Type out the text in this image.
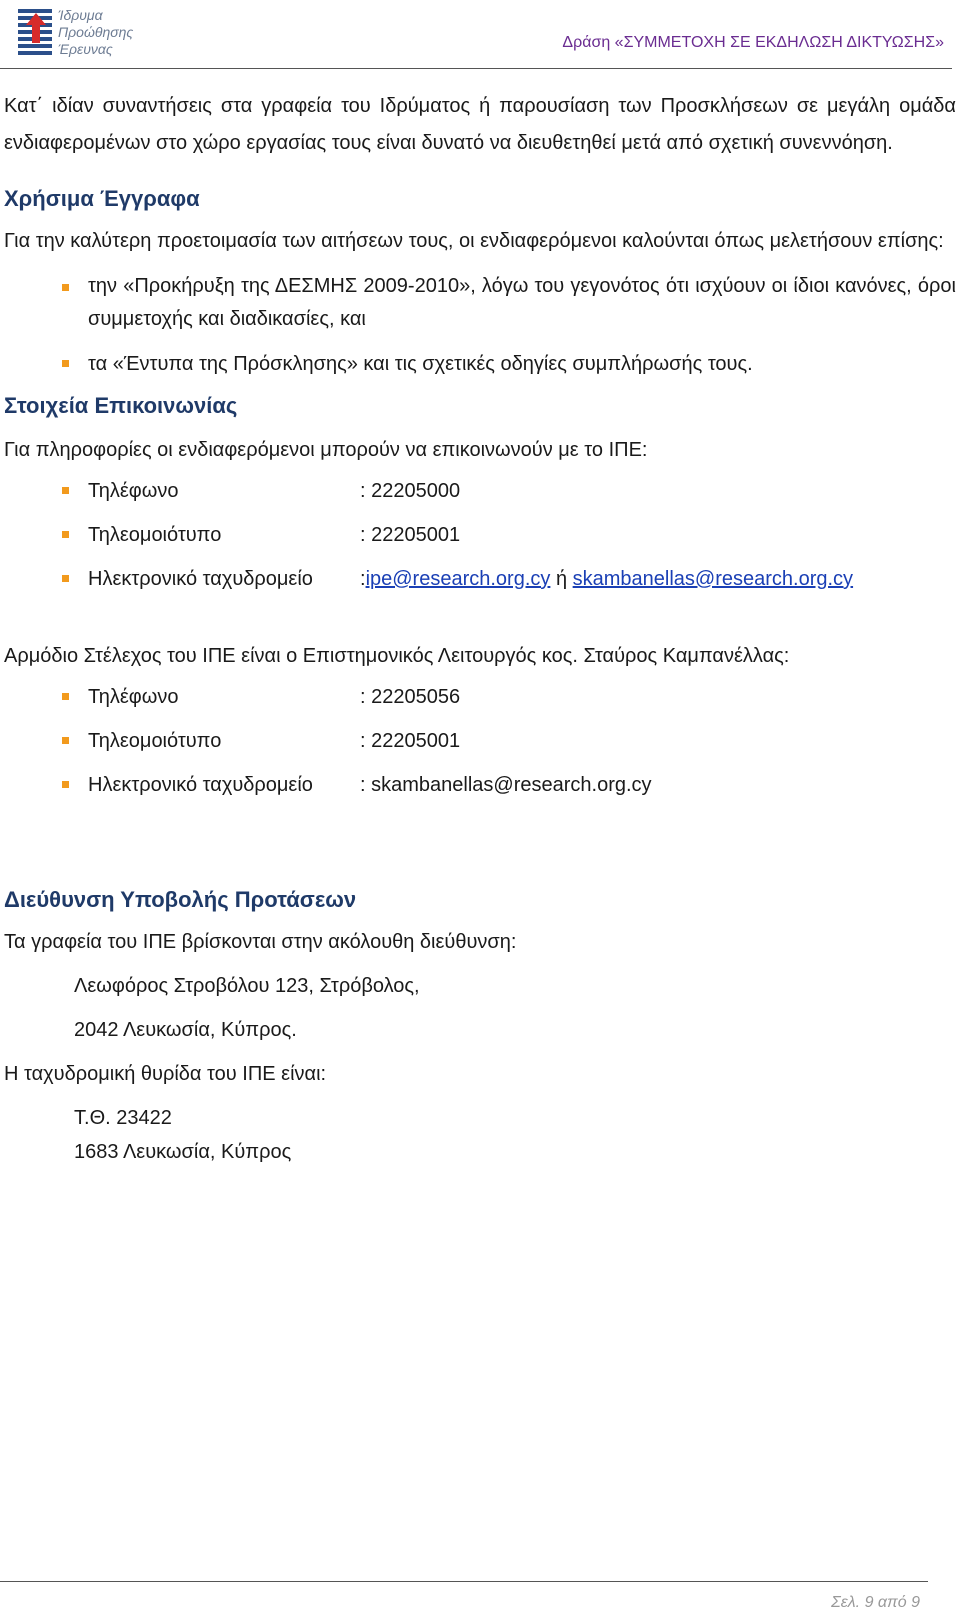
Ίδρυμα
Προώθησης
Έρευνας	Δράση «ΣΥΜΜΕΤΟΧΗ ΣΕ ΕΚΔΗΛΩΣΗ ΔΙΚΤΥΩΣΗΣ»

Κατ΄ ιδίαν συναντήσεις στα γραφεία του Ιδρύματος ή παρουσίαση των Προσκλήσεων σε μεγάλη ομάδα ενδιαφερομένων στο χώρο εργασίας τους είναι δυνατό να διευθετηθεί μετά από σχετική συνεννόηση.

Χρήσιμα Έγγραφα

Για την καλύτερη προετοιμασία των αιτήσεων τους, οι ενδιαφερόμενοι καλούνται όπως μελετήσουν επίσης:

την «Προκήρυξη της ΔΕΣΜΗΣ 2009-2010», λόγω του γεγονότος ότι ισχύουν οι ίδιοι κανόνες, όροι συμμετοχής και διαδικασίες, και
τα «Έντυπα της Πρόσκλησης» και τις σχετικές οδηγίες συμπλήρωσής τους.
Στοιχεία Επικοινωνίας

Για πληροφορίες οι ενδιαφερόμενοι μπορούν να επικοινωνούν με το ΙΠΕ:

Τηλέφωνο	: 22205000
Τηλεομοιότυπο	: 22205001
Ηλεκτρονικό ταχυδρομείο :ipe@research.org.cy ή skambanellas@research.org.cy

Αρμόδιο Στέλεχος του ΙΠΕ είναι ο Επιστημονικός Λειτουργός κος. Σταύρος Καμπανέλλας:

Τηλέφωνο	: 22205056
Τηλεομοιότυπο	: 22205001
Ηλεκτρονικό ταχυδρομείο : skambanellas@research.org.cy
Διεύθυνση Υποβολής Προτάσεων

Τα γραφεία του ΙΠΕ βρίσκονται στην ακόλουθη διεύθυνση:

Λεωφόρος Στροβόλου 123, Στρόβολος,

2042 Λευκωσία, Κύπρος.

Η ταχυδρομική θυρίδα του ΙΠΕ είναι:

Τ.Θ. 23422

1683 Λευκωσία, Κύπρος

Σελ. 9 από 9
